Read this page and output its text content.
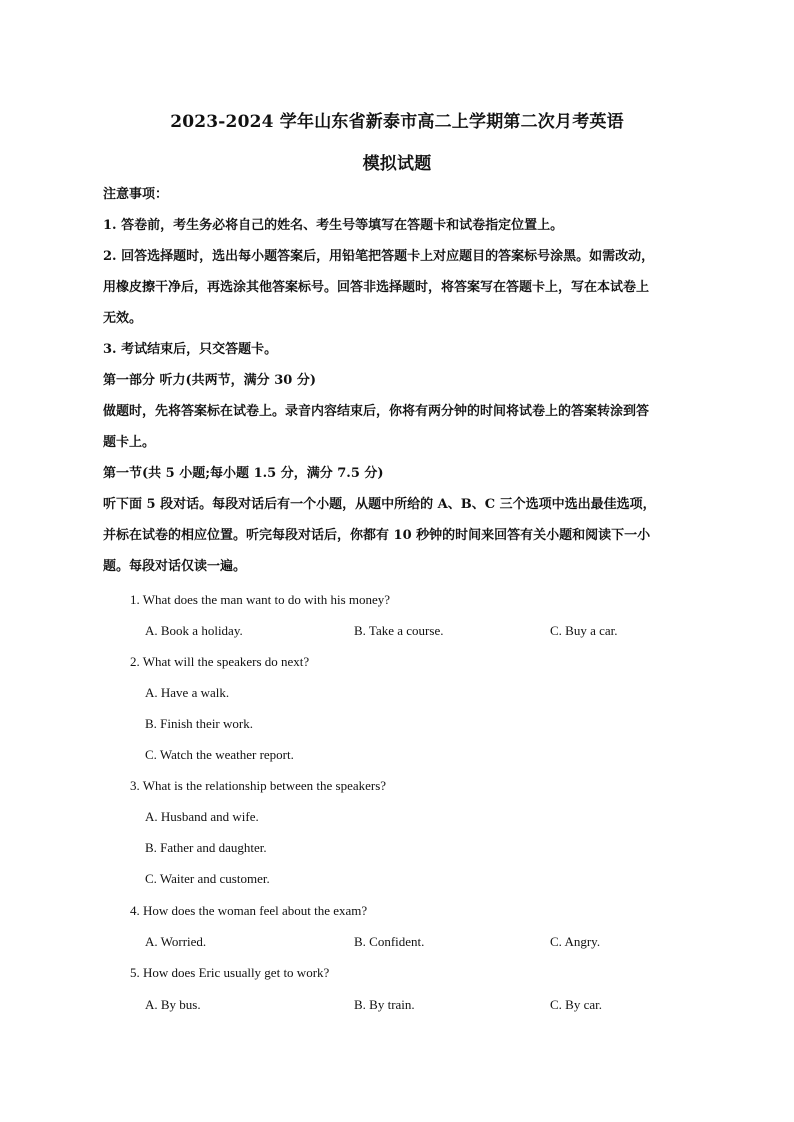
2023-2024 学年山东省新泰市高二上学期第二次月考英语
模拟试题
注意事项：
1. 答卷前，考生务必将自己的姓名、考生号等填写在答题卡和试卷指定位置上。
2. 回答选择题时，选出每小题答案后，用铅笔把答题卡上对应题目的答案标号涂黑。如需改动，
用橡皮擦干净后，再选涂其他答案标号。回答非选择题时，将答案写在答题卡上，写在本试卷上
无效。
3. 考试结束后，只交答题卡。
第一部分 听力(共两节，满分 30 分)
做题时，先将答案标在试卷上。录音内容结束后，你将有两分钟的时间将试卷上的答案转涂到答
题卡上。
第一节(共 5 小题;每小题 1.5 分，满分 7.5 分)
听下面 5 段对话。每段对话后有一个小题，从题中所给的 A、B、C 三个选项中选出最佳选项，
并标在试卷的相应位置。听完每段对话后，你都有 10 秒钟的时间来回答有关小题和阅读下一小
题。每段对话仅读一遍。
1. What does the man want to do with his money?
A. Book a holiday.	B. Take a course.	C. Buy a car.
2. What will the speakers do next?
A. Have a walk.
B. Finish their work.
C. Watch the weather report.
3. What is the relationship between the speakers?
A. Husband and wife.
B. Father and daughter.
C. Waiter and customer.
4. How does the woman feel about the exam?
A. Worried.	B. Confident.	C. Angry.
5. How does Eric usually get to work?
A. By bus.	B. By train.	C. By car.
